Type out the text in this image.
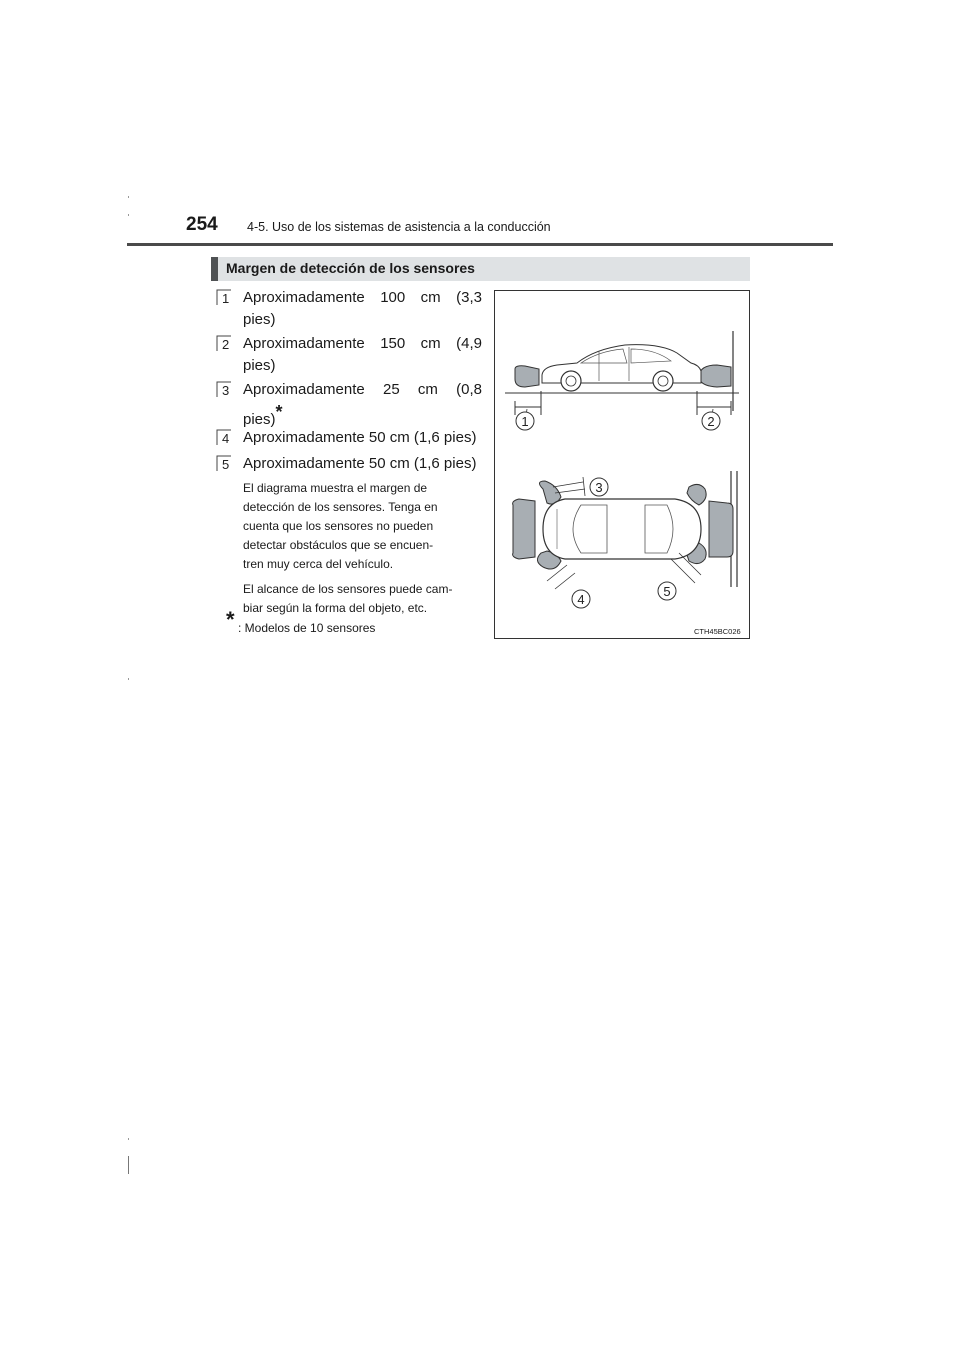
254 4-5. Uso de los sistemas de asistencia a la conducción
Margen de detección de los sensores
1 Aproximadamente 100 cm (3,3
pies)
2 Aproximadamente 150 cm (4,9
pies)
3 Aproximadamente 25 cm (0,8
pies)*
4 Aproximadamente 50 cm (1,6 pies)
5 Aproximadamente 50 cm (1,6 pies)
El diagrama muestra el margen de
detección de los sensores. Tenga en
cuenta que los sensores no pueden
detectar obstáculos que se encuen-
tren muy cerca del vehículo.
El alcance de los sensores puede cam-
biar según la forma del objeto, etc.
* : Modelos de 10 sensores
1	2
3
4
5
CTH45BC026
